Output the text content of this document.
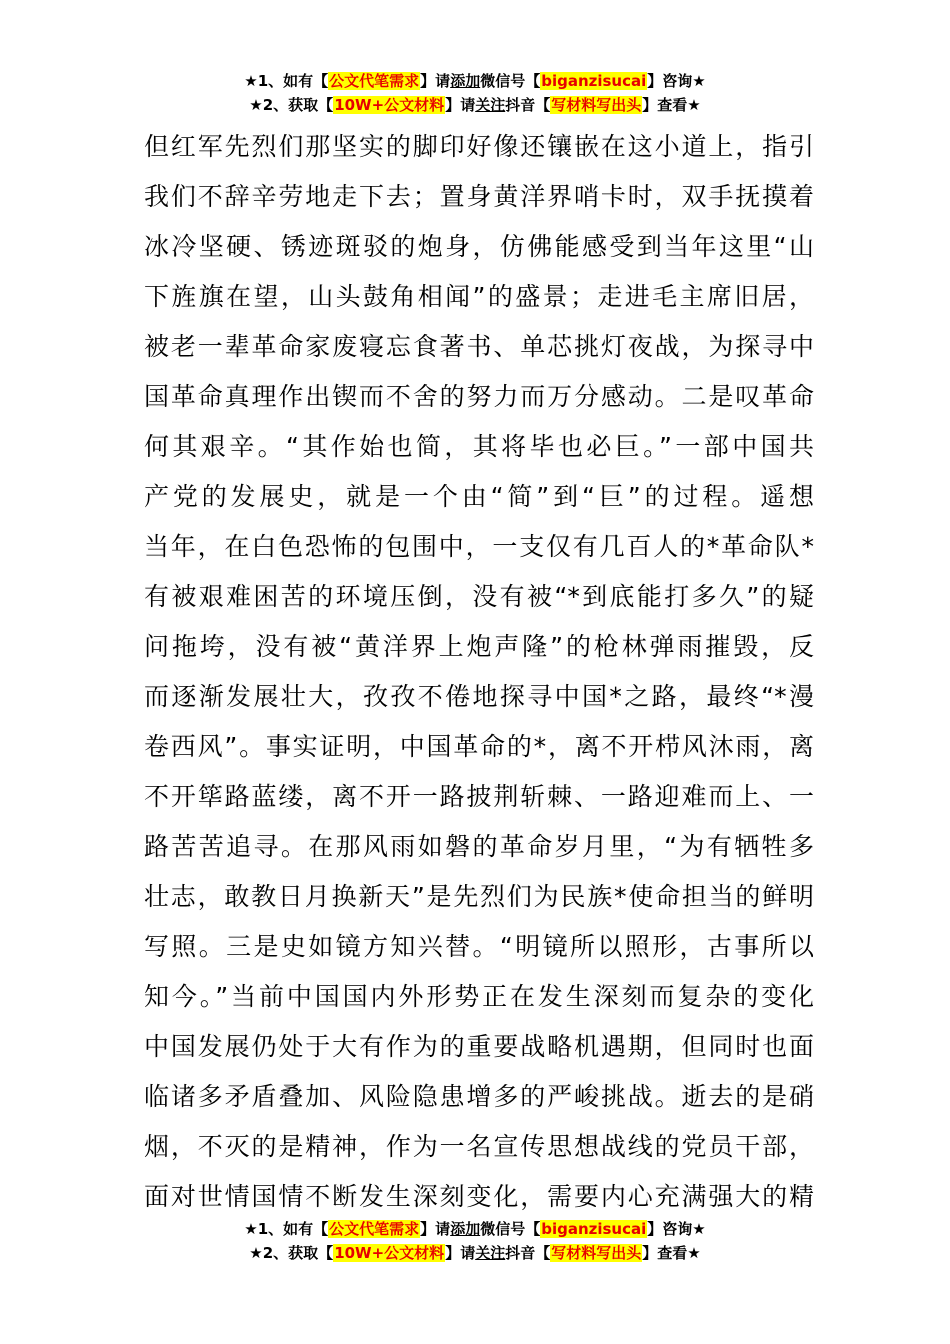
★1、如有【公文代笔需求】请添加微信号【biganzisucai】咨询★
★2、获取【10W+公文材料】请关注抖音【写材料写出头】查看★
但红军先烈们那坚实的脚印好像还镶嵌在这小道上，指引
我们不辞辛劳地走下去；置身黄洋界哨卡时，双手抚摸着
冰冷坚硬、锈迹斑驳的炮身，仿佛能感受到当年这里“山
下旌旗在望，山头鼓角相闻”的盛景；走进毛主席旧居，
被老一辈革命家废寝忘食著书、单芯挑灯夜战，为探寻中
国革命真理作出锲而不舍的努力而万分感动。二是叹革命
何其艰辛。“其作始也简，其将毕也必巨。”一部中国共
产党的发展史，就是一个由“简”到“巨”的过程。遥想
当年，在白色恐怖的包围中，一支仅有几百人的*革命队*
有被艰难困苦的环境压倒，没有被“*到底能打多久”的疑
问拖垮，没有被“黄洋界上炮声隆”的枪林弹雨摧毁，反
而逐渐发展壮大，孜孜不倦地探寻中国*之路，最终“*漫
卷西风”。事实证明，中国革命的*，离不开栉风沐雨，离
不开筚路蓝缕，离不开一路披荆斩棘、一路迎难而上、一
路苦苦追寻。在那风雨如磐的革命岁月里，“为有牺牲多
壮志，敢教日月换新天”是先烈们为民族*使命担当的鲜明
写照。三是史如镜方知兴替。“明镜所以照形，古事所以
知今。”当前中国国内外形势正在发生深刻而复杂的变化
中国发展仍处于大有作为的重要战略机遇期，但同时也面
临诸多矛盾叠加、风险隐患增多的严峻挑战。逝去的是硝
烟，不灭的是精神，作为一名宣传思想战线的党员干部，
面对世情国情不断发生深刻变化，需要内心充满强大的精
★1、如有【公文代笔需求】请添加微信号【biganzisucai】咨询★
★2、获取【10W+公文材料】请关注抖音【写材料写出头】查看★
